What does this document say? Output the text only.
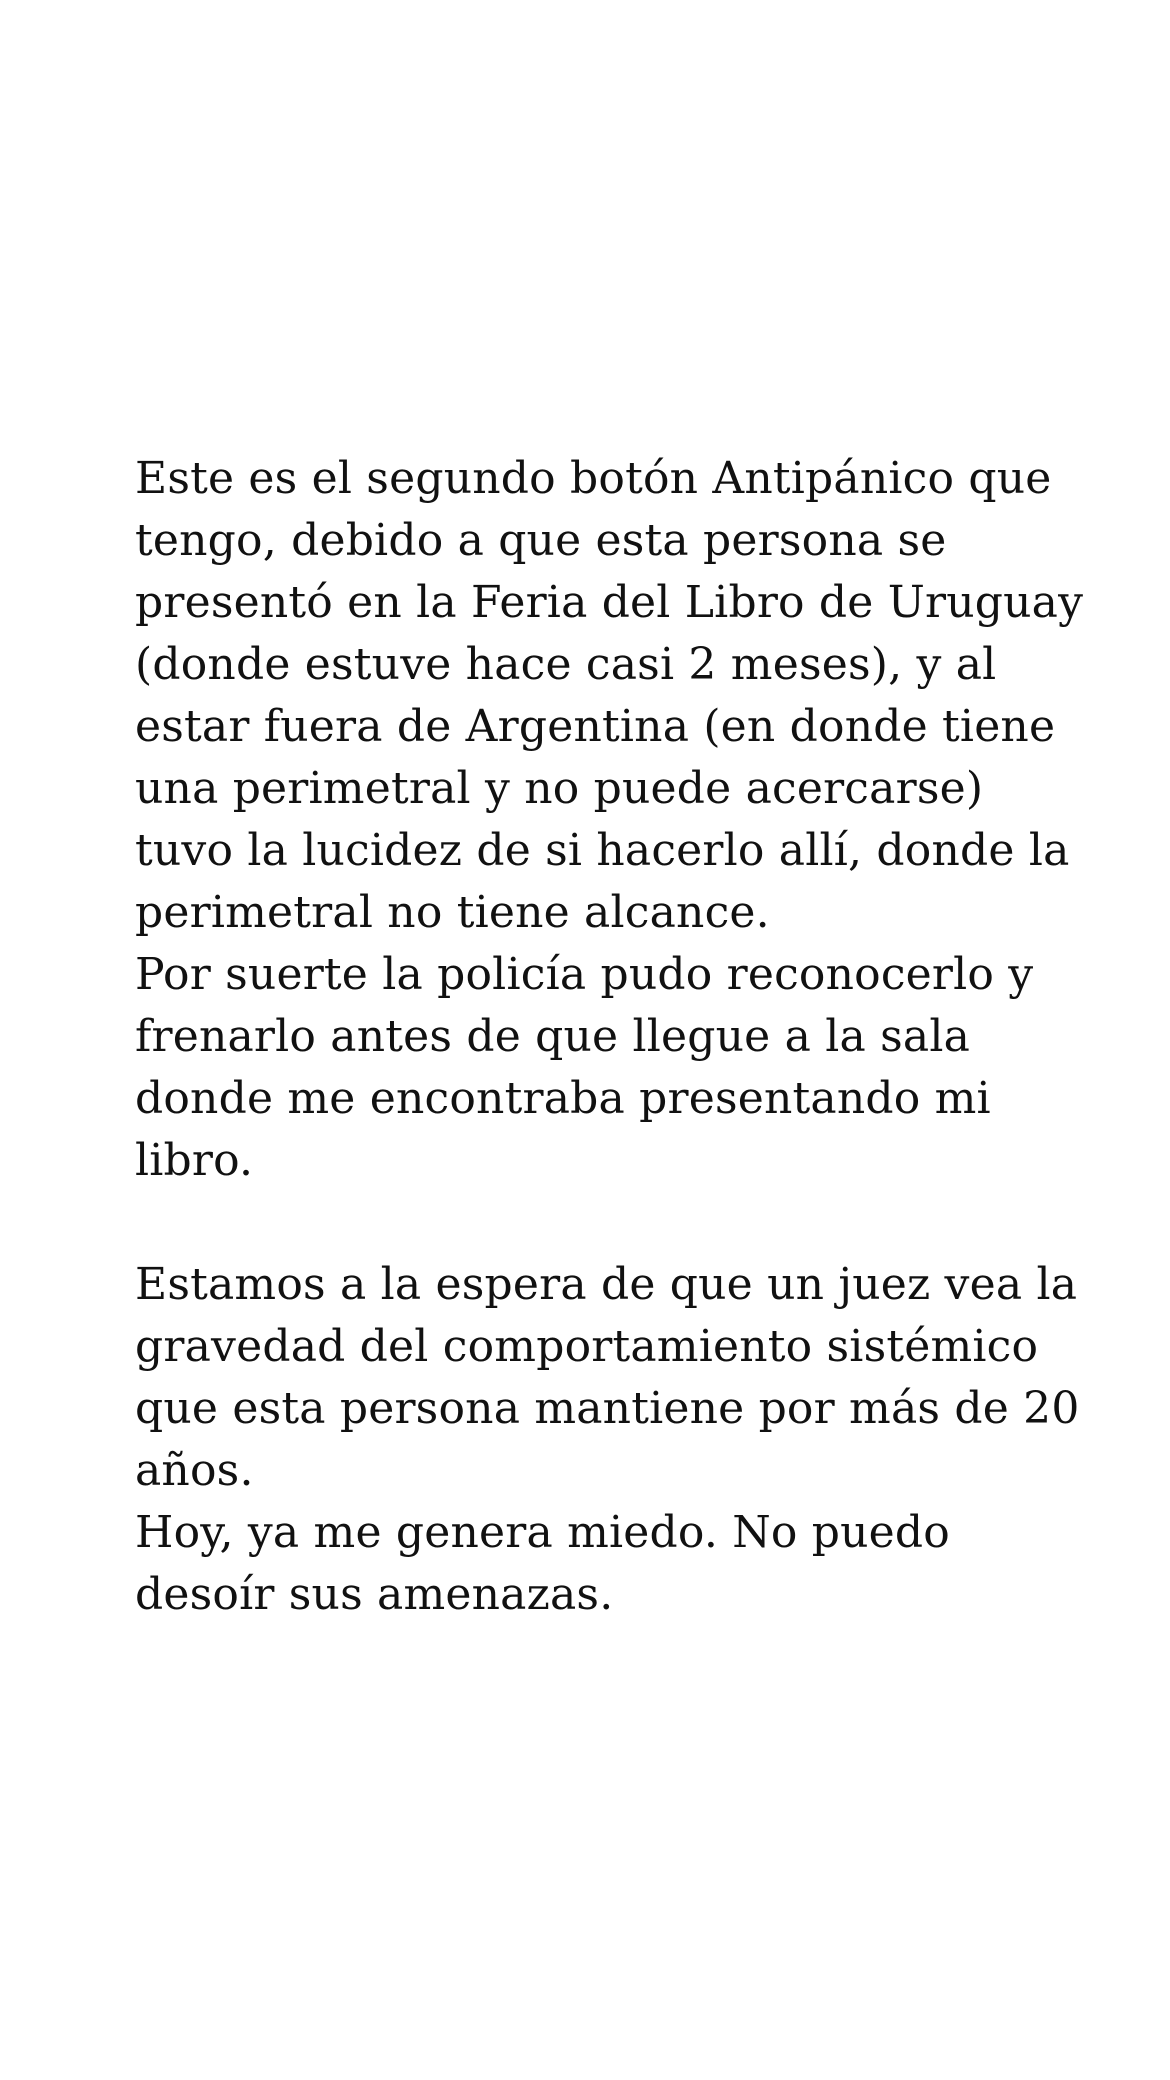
Este es el segundo botón Antipánico que
tengo, debido a que esta persona se
presentó en la Feria del Libro de Uruguay
(donde estuve hace casi 2 meses), y al
estar fuera de Argentina (en donde tiene
una perimetral y no puede acercarse)
tuvo la lucidez de si hacerlo allí, donde la
perimetral no tiene alcance.
Por suerte la policía pudo reconocerlo y
frenarlo antes de que llegue a la sala
donde me encontraba presentando mi
libro.
Estamos a la espera de que un juez vea la
gravedad del comportamiento sistémico
que esta persona mantiene por más de 20
años.
Hoy, ya me genera miedo. No puedo
desoír sus amenazas.
